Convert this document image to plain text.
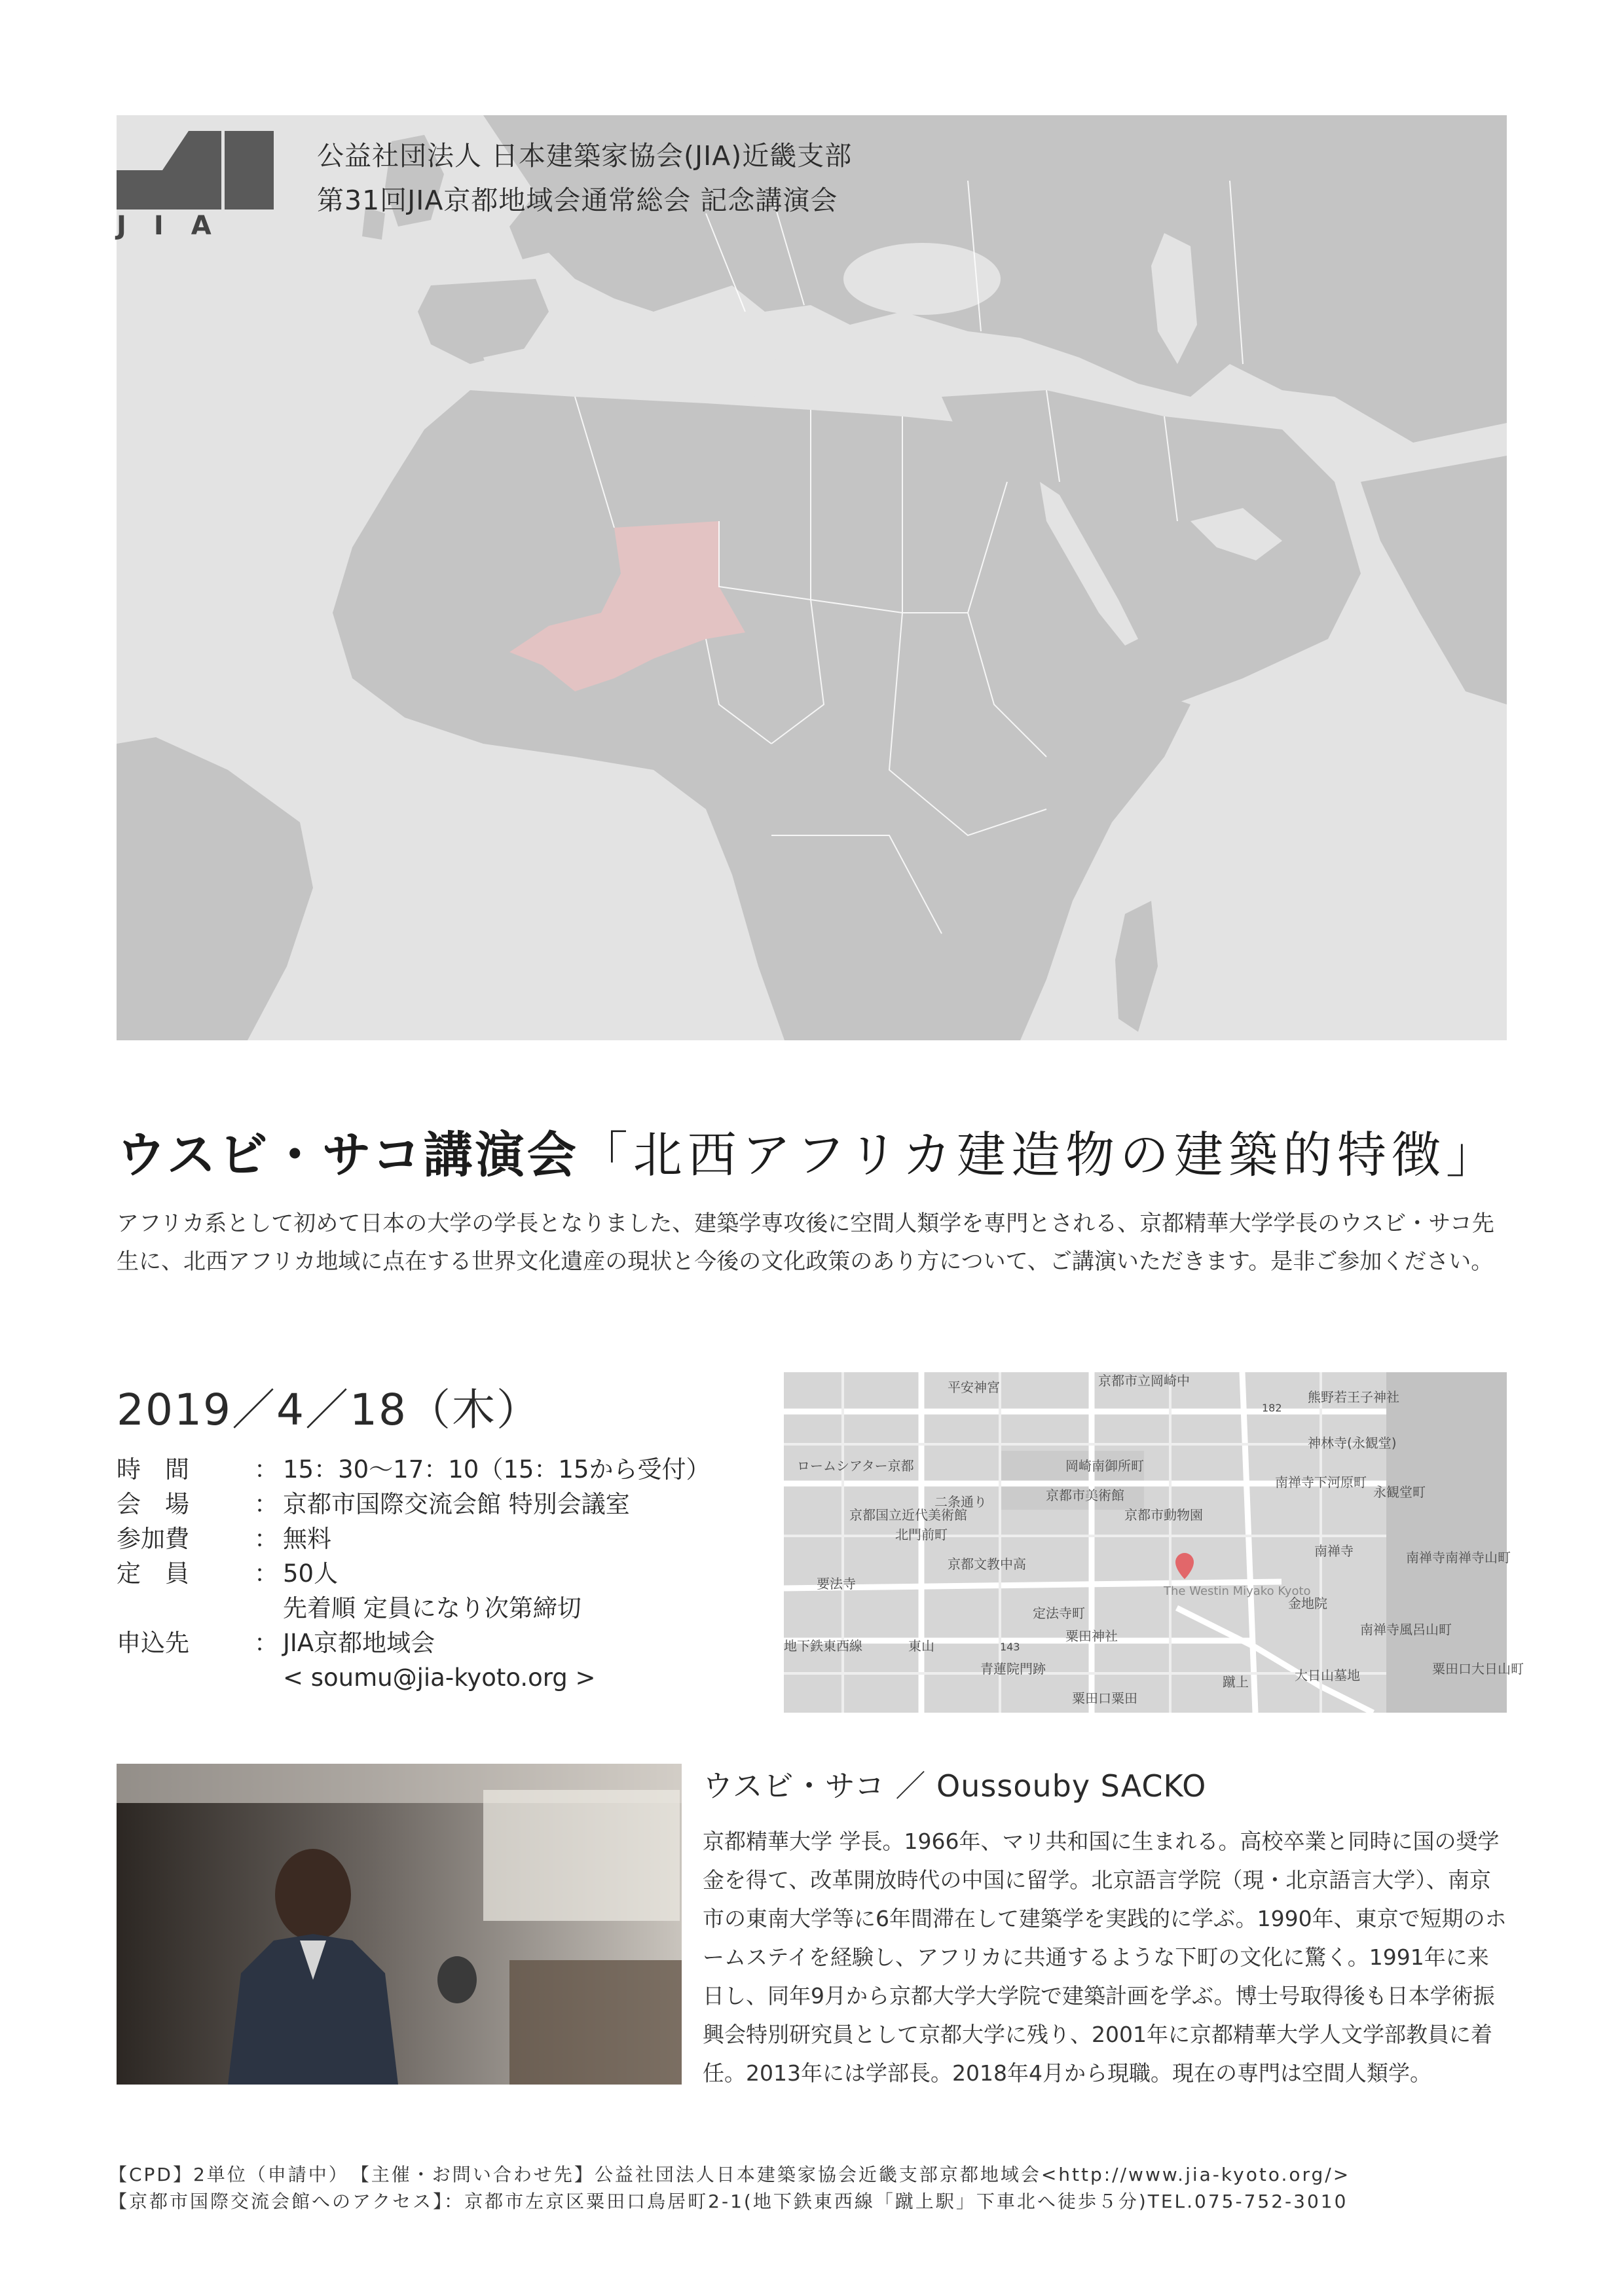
JIA
公益社団法人 日本建築家協会(JIA)近畿支部
第31回JIA京都地域会通常総会 記念講演会
ウスビ・サコ講演会「北西アフリカ建造物の建築的特徴」
アフリカ系として初めて日本の大学の学長となりました、建築学専攻後に空間人類学を専門とされる、京都精華大学学長のウスビ・サコ先生に、北西アフリカ地域に点在する世界文化遺産の現状と今後の文化政策のあり方について、ご講演いただきます。是非ご参加ください。
2019／4／18（木）
時　間	： 15：30〜17：10（15：15から受付）
会　場	： 京都市国際交流会館 特別会議室
参加費	： 無料
定　員	： 50人
先着順 定員になり次第締切
申込先	： JIA京都地域会
< soumu@jia-kyoto.org >
平安神宮
ロームシアター京都	岡崎南御所町
京都市美術館
二条通り
京都国立近代美術館	京都市動物園
北門前町
京都市立岡崎中
熊野若王子神社
神林寺(永観堂)
南禅寺下河原町
永観堂町
南禅寺
金地院
南禅寺南禅寺山町
南禅寺風呂山町
京都文教中高
要法寺	The Westin Miyako Kyoto
定法寺町
粟田神社
地下鉄東西線	東山
青蓮院門跡
粟田口粟田
蹴上	大日山墓地	粟田口大日山町
143
182
ウスビ・サコ ／ Oussouby SACKO
京都精華大学 学長。1966年、マリ共和国に生まれる。高校卒業と同時に国の奨学金を得て、改革開放時代の中国に留学。北京語言学院（現・北京語言大学）、南京市の東南大学等に6年間滞在して建築学を実践的に学ぶ。1990年、東京で短期のホームステイを経験し、アフリカに共通するような下町の文化に驚く。1991年に来日し、同年9月から京都大学大学院で建築計画を学ぶ。博士号取得後も日本学術振興会特別研究員として京都大学に残り、2001年に京都精華大学人文学部教員に着任。2013年には学部長。2018年4月から現職。現在の専門は空間人類学。
【CPD】2単位（申請中）　【主催・お問い合わせ先】公益社団法人日本建築家協会近畿支部京都地域会<http://www.jia-kyoto.org/>
【京都市国際交流会館へのアクセス】：京都市左京区粟田口鳥居町2-1(地下鉄東西線「蹴上駅」下車北へ徒歩５分)TEL.075-752-3010
